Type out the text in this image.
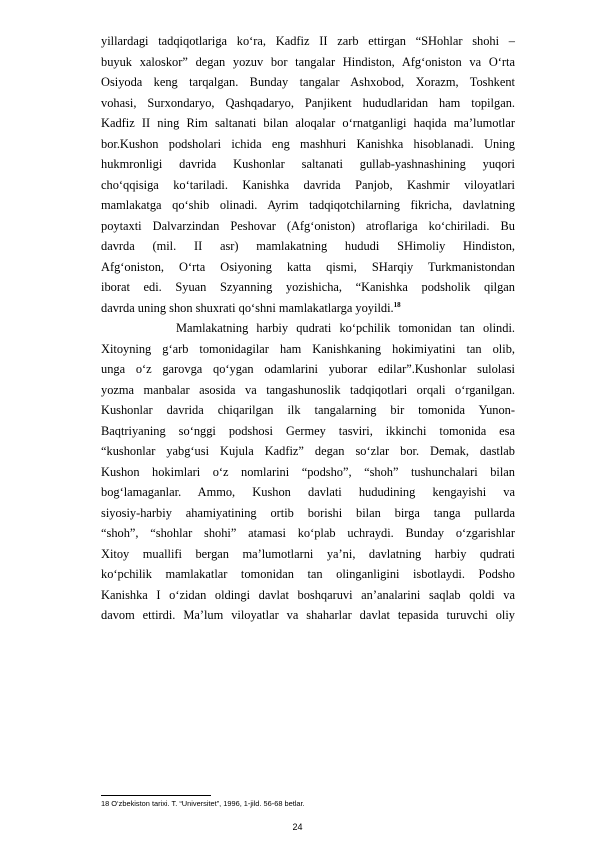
yillardagi tadqiqotlariga ko‘ra, Kadfiz II zarb ettirgan “SHohlar shohi –
buyuk xaloskor” degan yozuv bor tangalar Hindiston, Afg‘oniston va O‘rta
Osiyoda keng tarqalgan. Bunday tangalar Ashxobod, Xorazm, Toshkent
vohasi, Surxondaryo, Qashqadaryo, Panjikent hududlaridan ham topilgan.
Kadfiz II ning Rim saltanati bilan aloqalar o‘rnatganligi haqida ma’lumotlar
bor.Kushon podsholari ichida eng mashhuri Kanishka hisoblanadi. Uning
hukmronligi davrida Kushonlar saltanati gullab-yashnashining yuqori
cho‘qqisiga ko‘tariladi. Kanishka davrida Panjob, Kashmir viloyatlari
mamlakatga qo‘shib olinadi. Ayrim tadqiqotchilarning fikricha, davlatning
poytaxti Dalvarzindan Peshovar (Afg‘oniston) atroflariga ko‘chiriladi. Bu
davrda (mil. II asr) mamlakatning hududi SHimoliy Hindiston,
Afg‘oniston, O‘rta Osiyoning katta qismi, SHarqiy Turkmanistondan
iborat edi. Syuan Szyanning yozishicha, “Kanishka podsholik qilgan
davrda uning shon shuxrati qo‘shni mamlakatlarga yoyildi.$^{18}$
Mamlakatning harbiy qudrati ko‘pchilik tomonidan tan olindi.
Xitoyning g‘arb tomonidagilar ham Kanishkaning hokimiyatini tan olib,
unga o‘z garovga qo‘ygan odamlarini yuborar edilar”.Kushonlar sulolasi
yozma manbalar asosida va tangashunoslik tadqiqotlari orqali o‘rganilgan.
Kushonlar davrida chiqarilgan ilk tangalarning bir tomonida Yunon-
Baqtriyaning so‘nggi podshosi Germey tasviri, ikkinchi tomonida esa
“kushonlar yabg‘usi Kujula Kadfiz” degan so‘zlar bor. Demak, dastlab
Kushon hokimlari o‘z nomlarini “podsho”, “shoh” tushunchalari bilan
bog‘lamaganlar. Ammo, Kushon davlati hududining kengayishi va
siyosiy-harbiy ahamiyatining ortib borishi bilan birga tanga pullarda
“shoh”, “shohlar shohi” atamasi ko‘plab uchraydi. Bunday o‘zgarishlar
Xitoy muallifi bergan ma’lumotlarni ya’ni, davlatning harbiy qudrati
ko‘pchilik mamlakatlar tomonidan tan olinganligini isbotlaydi. Podsho
Kanishka I o‘zidan oldingi davlat boshqaruvi an’analarini saqlab qoldi va
davom ettirdi. Ma’lum viloyatlar va shaharlar davlat tepasida turuvchi oliy
18 O‘zbekiston tarixi. T. “Universitet”, 1996, 1-jild. 56-68 betlar.
24
